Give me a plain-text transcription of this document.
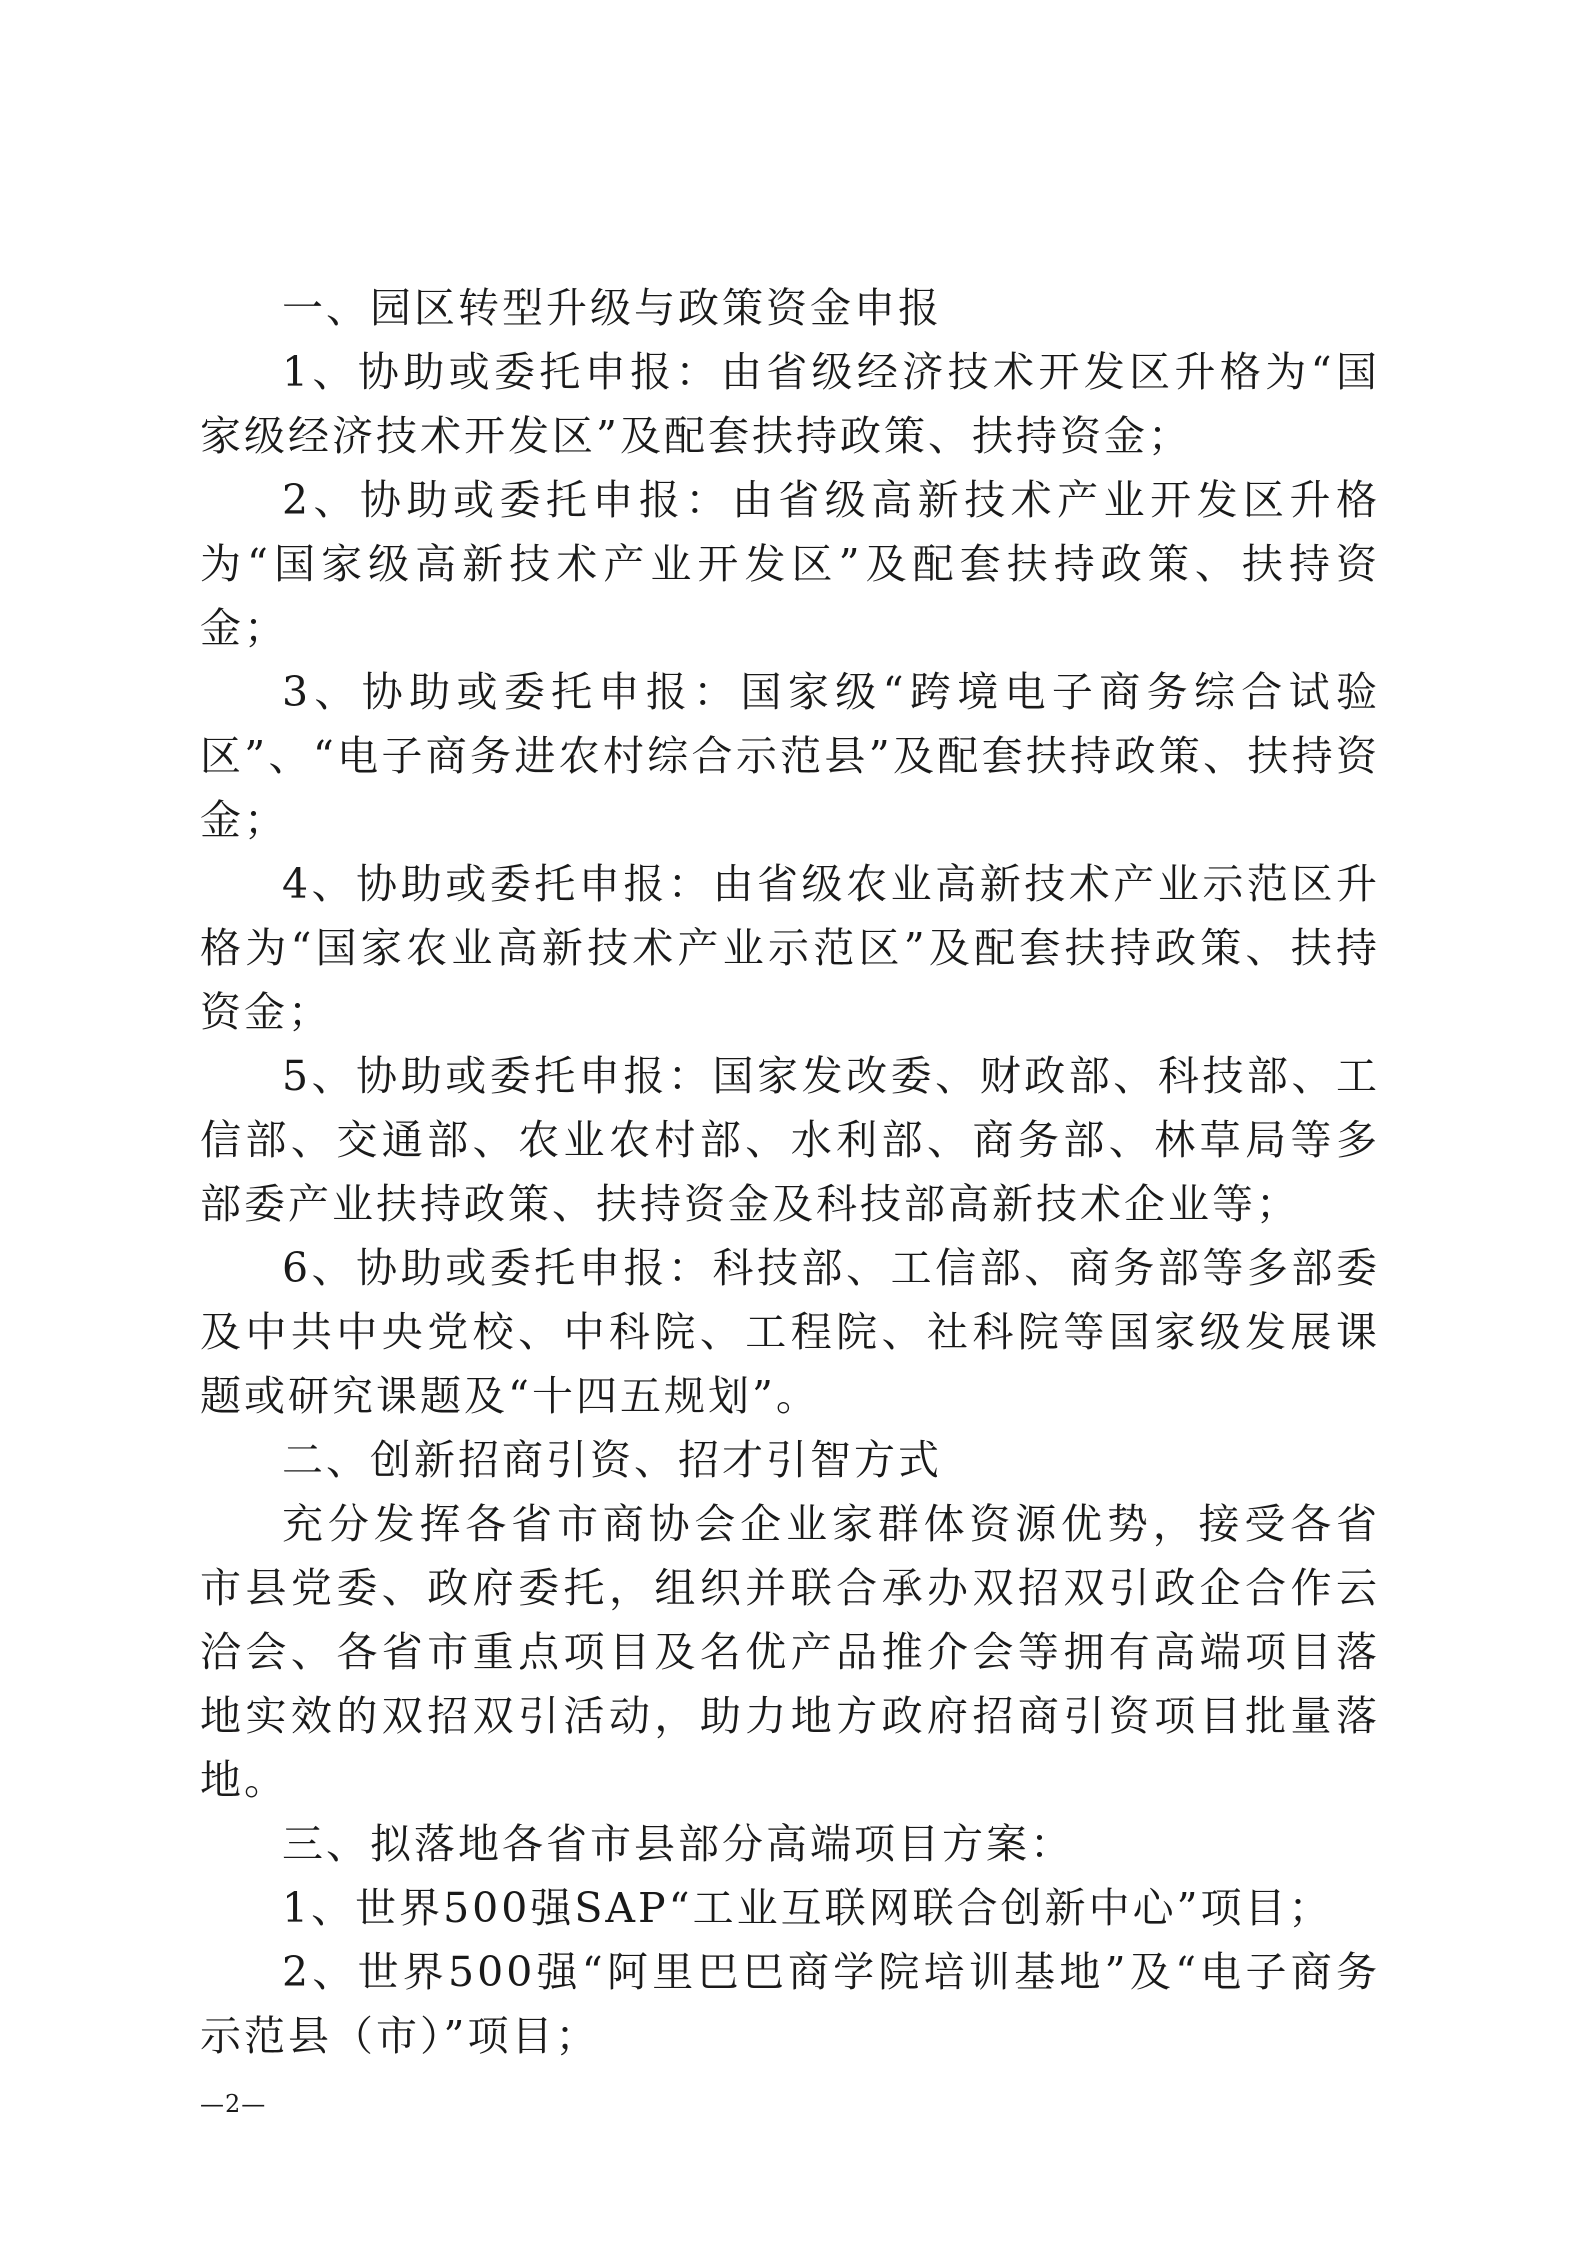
一、园区转型升级与政策资金申报

1、协助或委托申报：由省级经济技术开发区升格为“国家级经济技术开发区”及配套扶持政策、扶持资金；

2、协助或委托申报：由省级高新技术产业开发区升格为“国家级高新技术产业开发区”及配套扶持政策、扶持资金；

3、协助或委托申报：国家级“跨境电子商务综合试验区”、“电子商务进农村综合示范县”及配套扶持政策、扶持资金；

4、协助或委托申报：由省级农业高新技术产业示范区升格为“国家农业高新技术产业示范区”及配套扶持政策、扶持资金；

5、协助或委托申报：国家发改委、财政部、科技部、工信部、交通部、农业农村部、水利部、商务部、林草局等多部委产业扶持政策、扶持资金及科技部高新技术企业等；

6、协助或委托申报：科技部、工信部、商务部等多部委及中共中央党校、中科院、工程院、社科院等国家级发展课题或研究课题及“十四五规划”。

二、创新招商引资、招才引智方式

充分发挥各省市商协会企业家群体资源优势，接受各省市县党委、政府委托，组织并联合承办双招双引政企合作云洽会、各省市重点项目及名优产品推介会等拥有高端项目落地实效的双招双引活动，助力地方政府招商引资项目批量落地。

三、拟落地各省市县部分高端项目方案：

1、世界500强SAP“工业互联网联合创新中心”项目；

2、世界500强“阿里巴巴商学院培训基地”及“电子商务示范县（市）”项目；

—2—
